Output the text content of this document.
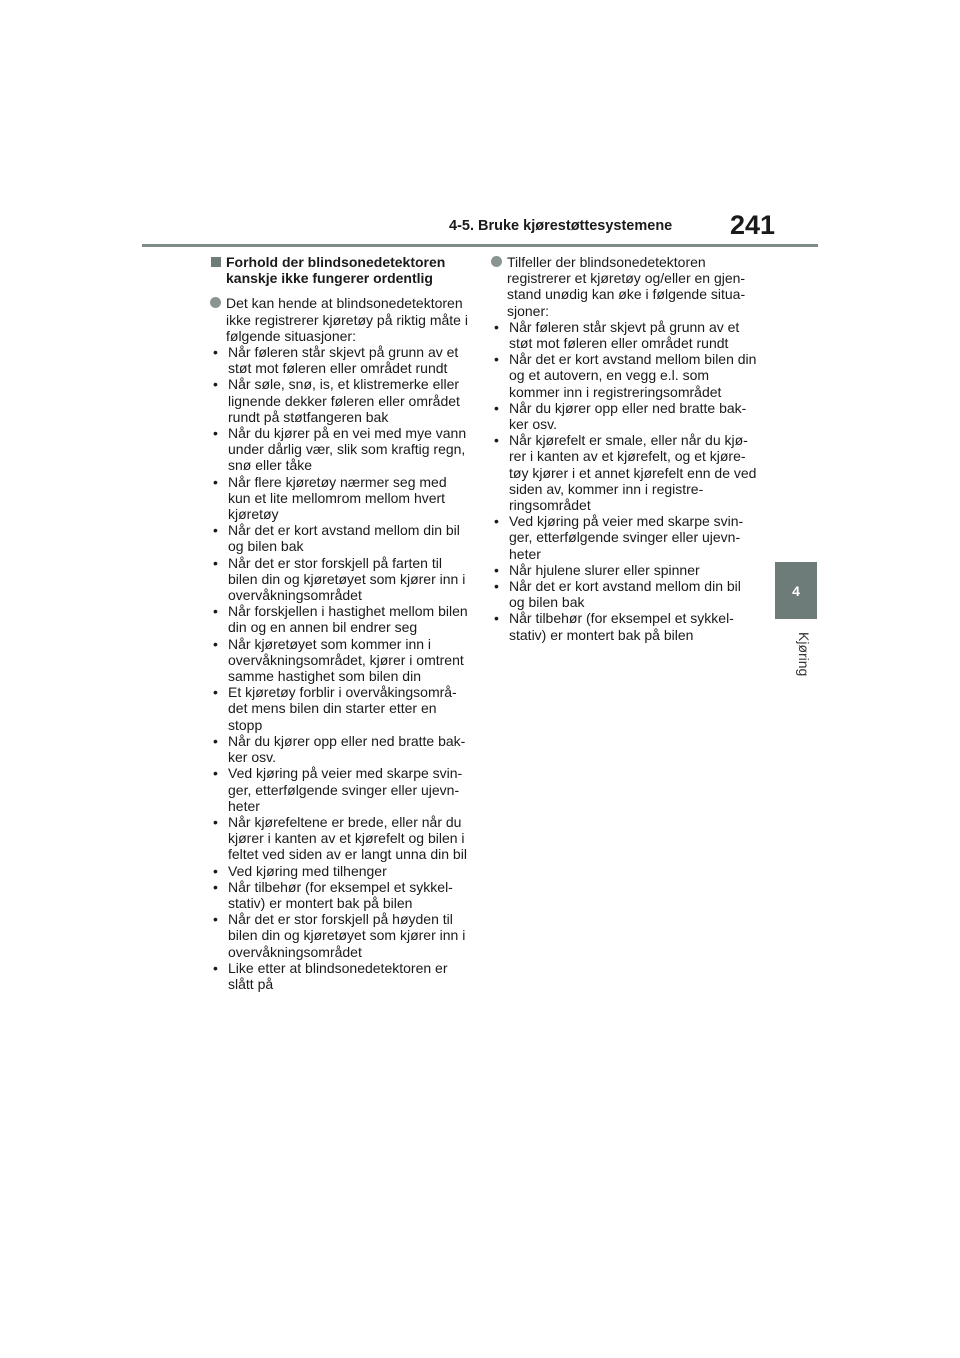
4-5. Bruke kjørestøttesystemene 241
4
Kjøring
Forhold der blindsonedetektoren kanskje ikke fungerer ordentlig
Det kan hende at blindsonedetektoren ikke registrerer kjøretøy på riktig måte i følgende situasjoner:
• Når føleren står skjevt på grunn av et støt mot føleren eller området rundt
• Når søle, snø, is, et klistremerke eller lignende dekker føleren eller området rundt på støtfangeren bak
• Når du kjører på en vei med mye vann under dårlig vær, slik som kraftig regn, snø eller tåke
• Når flere kjøretøy nærmer seg med kun et lite mellomrom mellom hvert kjøretøy
• Når det er kort avstand mellom din bil og bilen bak
• Når det er stor forskjell på farten til bilen din og kjøretøyet som kjører inn i overvåkningsområdet
• Når forskjellen i hastighet mellom bilen din og en annen bil endrer seg
• Når kjøretøyet som kommer inn i overvåkningsområdet, kjører i omtrent samme hastighet som bilen din
• Et kjøretøy forblir i overvåkingsområ-det mens bilen din starter etter en stopp
• Når du kjører opp eller ned bratte bak-ker osv.
• Ved kjøring på veier med skarpe svin-ger, etterfølgende svinger eller ujevn-heter
• Når kjørefeltene er brede, eller når du kjører i kanten av et kjørefelt og bilen i feltet ved siden av er langt unna din bil
• Ved kjøring med tilhenger
• Når tilbehør (for eksempel et sykkel-stativ) er montert bak på bilen
• Når det er stor forskjell på høyden til bilen din og kjøretøyet som kjører inn i overvåkningsområdet
• Like etter at blindsonedetektoren er slått på
Tilfeller der blindsonedetektoren registrerer et kjøretøy og/eller en gjen-stand unødig kan øke i følgende situa-sjoner:
• Når føleren står skjevt på grunn av et støt mot føleren eller området rundt
• Når det er kort avstand mellom bilen din og et autovern, en vegg e.l. som kommer inn i registreringsområdet
• Når du kjører opp eller ned bratte bak-ker osv.
• Når kjørefelt er smale, eller når du kjø-rer i kanten av et kjørefelt, og et kjøre-tøy kjører i et annet kjørefelt enn de ved siden av, kommer inn i registre-ringsområdet
• Ved kjøring på veier med skarpe svin-ger, etterfølgende svinger eller ujevn-heter
• Når hjulene slurer eller spinner
• Når det er kort avstand mellom din bil og bilen bak
• Når tilbehør (for eksempel et sykkel-stativ) er montert bak på bilen
